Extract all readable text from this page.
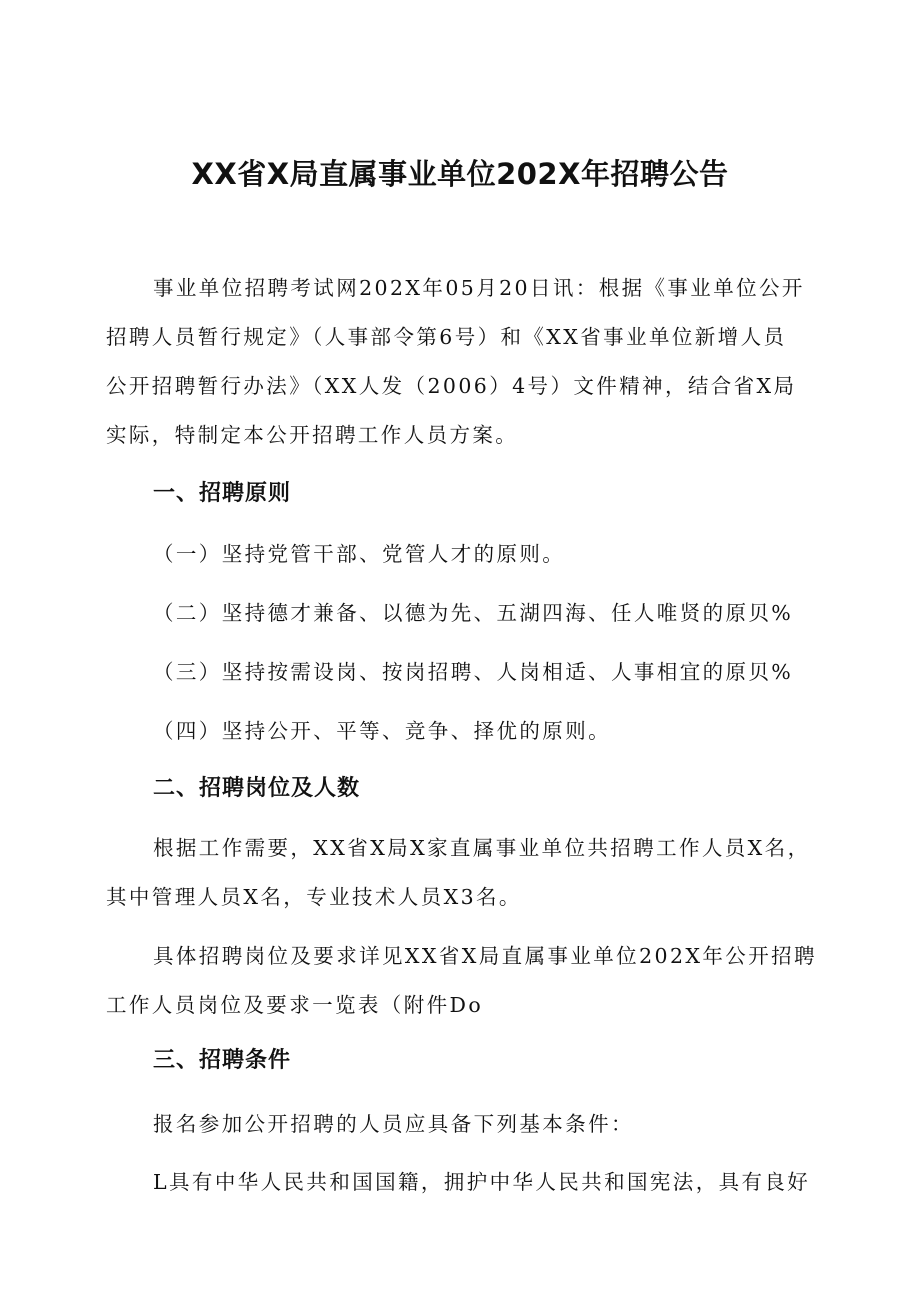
XX省X局直属事业单位202X年招聘公告
事业单位招聘考试网202X年05月20日讯：根据《事业单位公开
招聘人员暂行规定》（人事部令第6号）和《XX省事业单位新增人员
公开招聘暂行办法》（XX人发（2006）4号）文件精神，结合省X局
实际，特制定本公开招聘工作人员方案。
一、招聘原则
（一）坚持党管干部、党管人才的原则。
（二）坚持德才兼备、以德为先、五湖四海、任人唯贤的原贝%
（三）坚持按需设岗、按岗招聘、人岗相适、人事相宜的原贝%
（四）坚持公开、平等、竞争、择优的原则。
二、招聘岗位及人数
根据工作需要，XX省X局X家直属事业单位共招聘工作人员X名，
其中管理人员X名，专业技术人员X3名。
具体招聘岗位及要求详见XX省X局直属事业单位202X年公开招聘
工作人员岗位及要求一览表（附件Do
三、招聘条件
报名参加公开招聘的人员应具备下列基本条件：
L具有中华人民共和国国籍，拥护中华人民共和国宪法，具有良好
